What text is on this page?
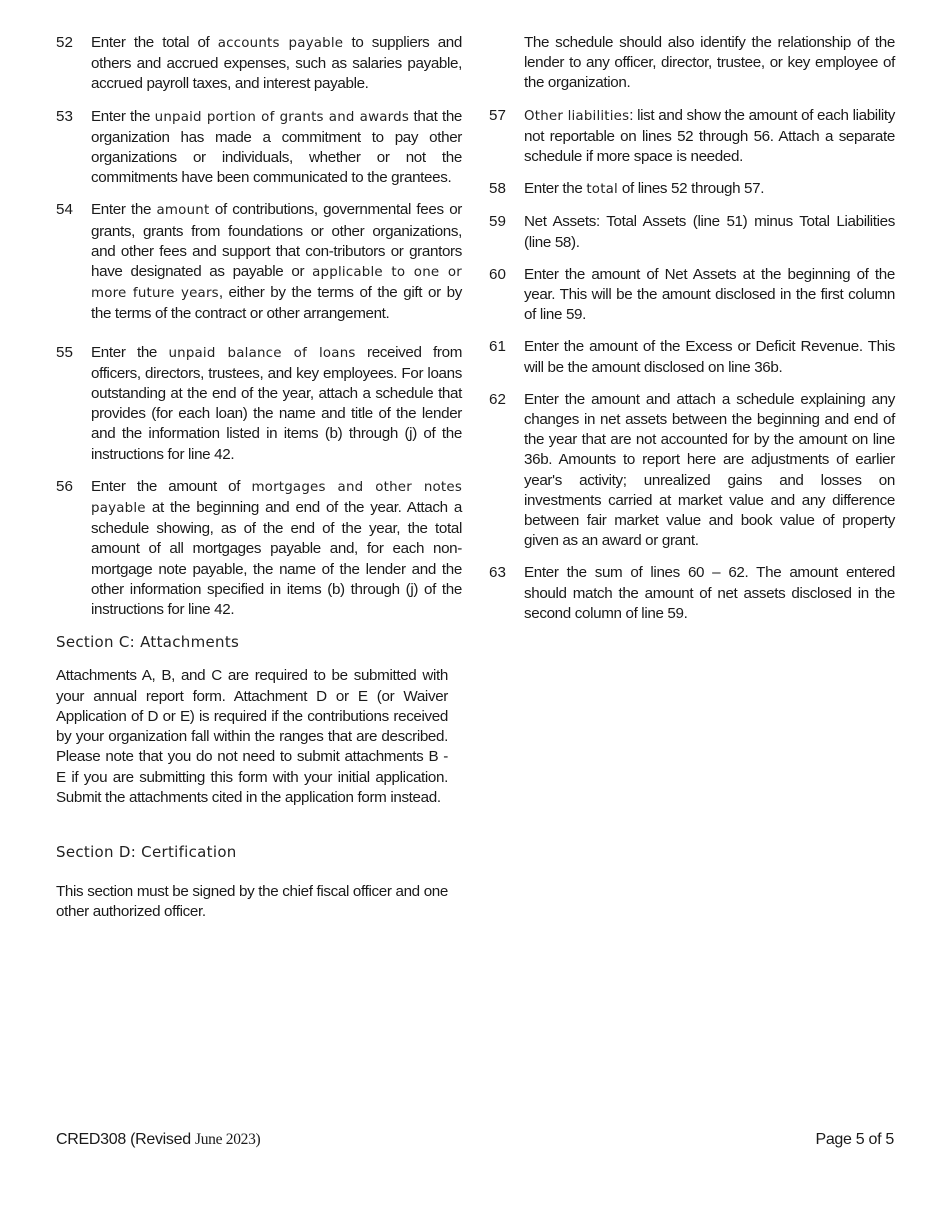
52	Enter the total of accounts payable to suppliers and others and accrued expenses, such as salaries payable, accrued payroll taxes, and interest payable.
53	Enter the unpaid portion of grants and awards that the organization has made a commitment to pay other organizations or individuals, whether or not the commitments have been communicated to the grantees.
54	Enter the amount of contributions, governmental fees or grants, grants from foundations or other organizations, and other fees and support that con-tributors or grantors have designated as payable or applicable to one or more future years, either by the terms of the gift or by the terms of the contract or other arrangement.
55	Enter the unpaid balance of loans received from officers, directors, trustees, and key employees. For loans outstanding at the end of the year, attach a schedule that provides (for each loan) the name and title of the lender and the information listed in items (b) through (j) of the instructions for line 42.
56	Enter the amount of mortgages and other notes payable at the beginning and end of the year. Attach a schedule showing, as of the end of the year, the total amount of all mortgages payable and, for each non-mortgage note payable, the name of the lender and the other information specified in items (b) through (j) of the instructions for line 42.
Section C: Attachments
Attachments A, B, and C are required to be submitted with your annual report form. Attachment D or E (or Waiver Application of D or E) is required if the contributions received by your organization fall within the ranges that are described. Please note that you do not need to submit attachments B - E if you are submitting this form with your initial application. Submit the attachments cited in the application form instead.
Section D: Certification
This section must be signed by the chief fiscal officer and one other authorized officer.
The schedule should also identify the relationship of the lender to any officer, director, trustee, or key employee of the organization.
57	Other liabilities: list and show the amount of each liability not reportable on lines 52 through 56. Attach a separate schedule if more space is needed.
58	Enter the total of lines 52 through 57.
59	Net Assets: Total Assets (line 51) minus Total Liabilities (line 58).
60	Enter the amount of Net Assets at the beginning of the year. This will be the amount disclosed in the first column of line 59.
61	Enter the amount of the Excess or Deficit Revenue. This will be the amount disclosed on line 36b.
62	Enter the amount and attach a schedule explaining any changes in net assets between the beginning and end of the year that are not accounted for by the amount on line 36b. Amounts to report here are adjustments of earlier year's activity; unrealized gains and losses on investments carried at market value and any difference between fair market value and book value of property given as an award or grant.
63	Enter the sum of lines 60 – 62. The amount entered should match the amount of net assets disclosed in the second column of line 59.
CRED308 (Revised June 2023)	Page 5 of 5
